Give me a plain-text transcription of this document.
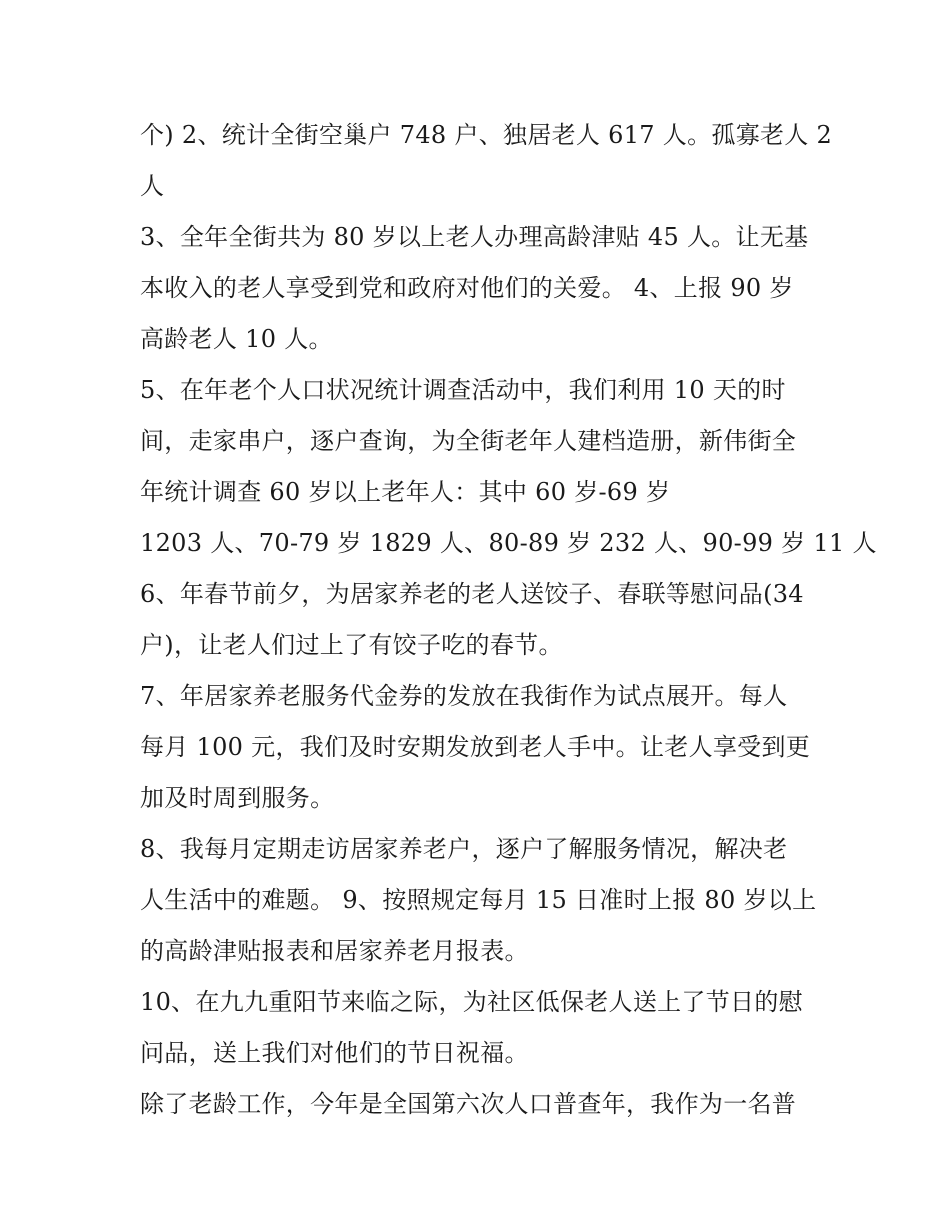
个) 2、统计全街空巢户 748 户、独居老人 617 人。孤寡老人 2
人
3、全年全街共为 80 岁以上老人办理高龄津贴 45 人。让无基
本收入的老人享受到党和政府对他们的关爱。 4、上报 90 岁
高龄老人 10 人。
5、在年老个人口状况统计调查活动中，我们利用 10 天的时
间，走家串户，逐户查询，为全街老年人建档造册，新伟街全
年统计调查 60 岁以上老年人：其中 60 岁-69 岁
1203 人、70-79 岁 1829 人、80-89 岁 232 人、90-99 岁 11 人
6、年春节前夕，为居家养老的老人送饺子、春联等慰问品(34
户)，让老人们过上了有饺子吃的春节。
7、年居家养老服务代金券的发放在我街作为试点展开。每人
每月 100 元，我们及时安期发放到老人手中。让老人享受到更
加及时周到服务。
8、我每月定期走访居家养老户，逐户了解服务情况，解决老
人生活中的难题。 9、按照规定每月 15 日准时上报 80 岁以上
的高龄津贴报表和居家养老月报表。
10、在九九重阳节来临之际，为社区低保老人送上了节日的慰
问品，送上我们对他们的节日祝福。
除了老龄工作，今年是全国第六次人口普查年，我作为一名普
